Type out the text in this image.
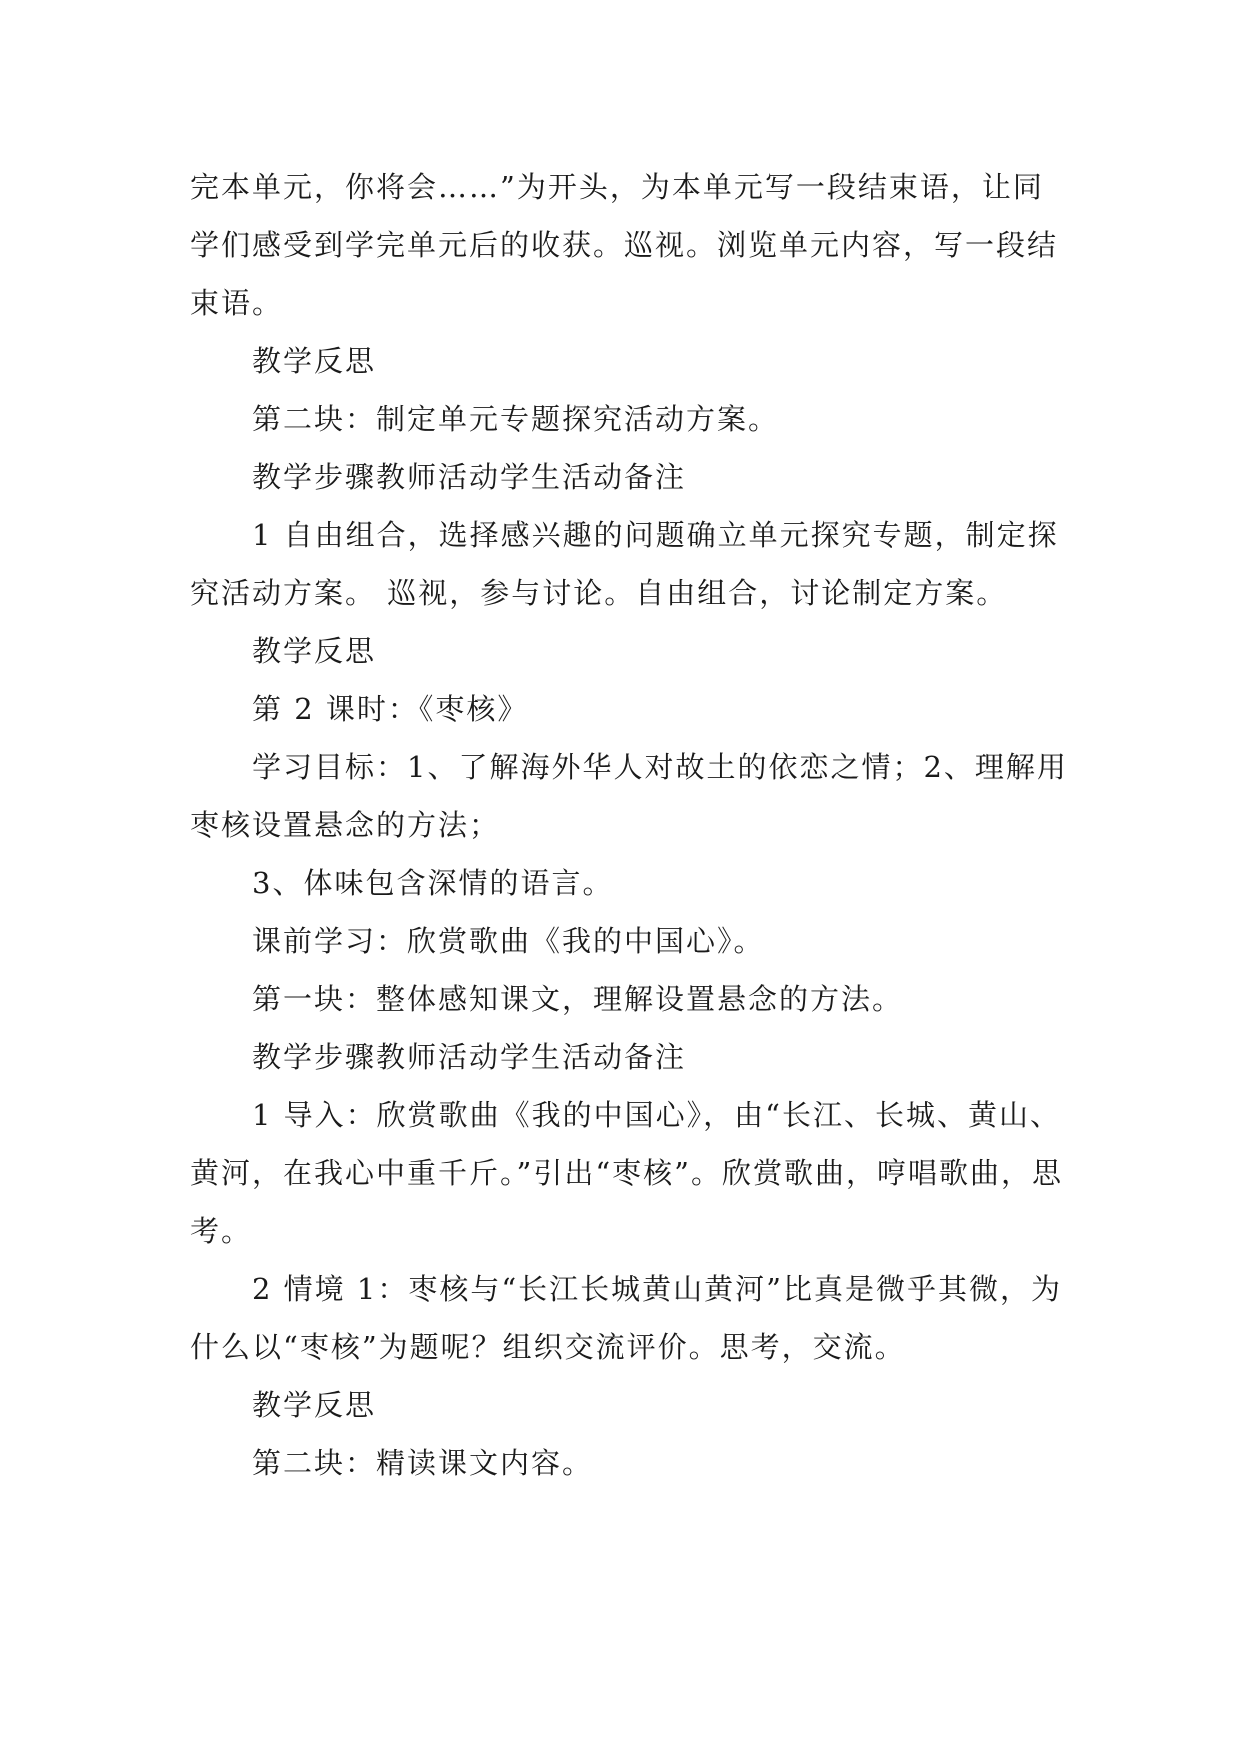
完本单元，你将会……”为开头，为本单元写一段结束语，让同学们感受到学完单元后的收获。巡视。浏览单元内容，写一段结束语。

教学反思

第二块：制定单元专题探究活动方案。

教学步骤教师活动学生活动备注

1 自由组合，选择感兴趣的问题确立单元探究专题，制定探究活动方案。 巡视，参与讨论。自由组合，讨论制定方案。

教学反思

第 2 课时：《枣核》

学习目标：1、了解海外华人对故土的依恋之情；2、理解用枣核设置悬念的方法；

3、体味包含深情的语言。

课前学习：欣赏歌曲《我的中国心》。

第一块：整体感知课文，理解设置悬念的方法。

教学步骤教师活动学生活动备注

1 导入：欣赏歌曲《我的中国心》，由“长江、长城、黄山、黄河，在我心中重千斤。”引出“枣核”。欣赏歌曲，哼唱歌曲，思考。

2 情境 1：枣核与“长江长城黄山黄河”比真是微乎其微，为什么以“枣核”为题呢？组织交流评价。思考，交流。

教学反思

第二块：精读课文内容。
